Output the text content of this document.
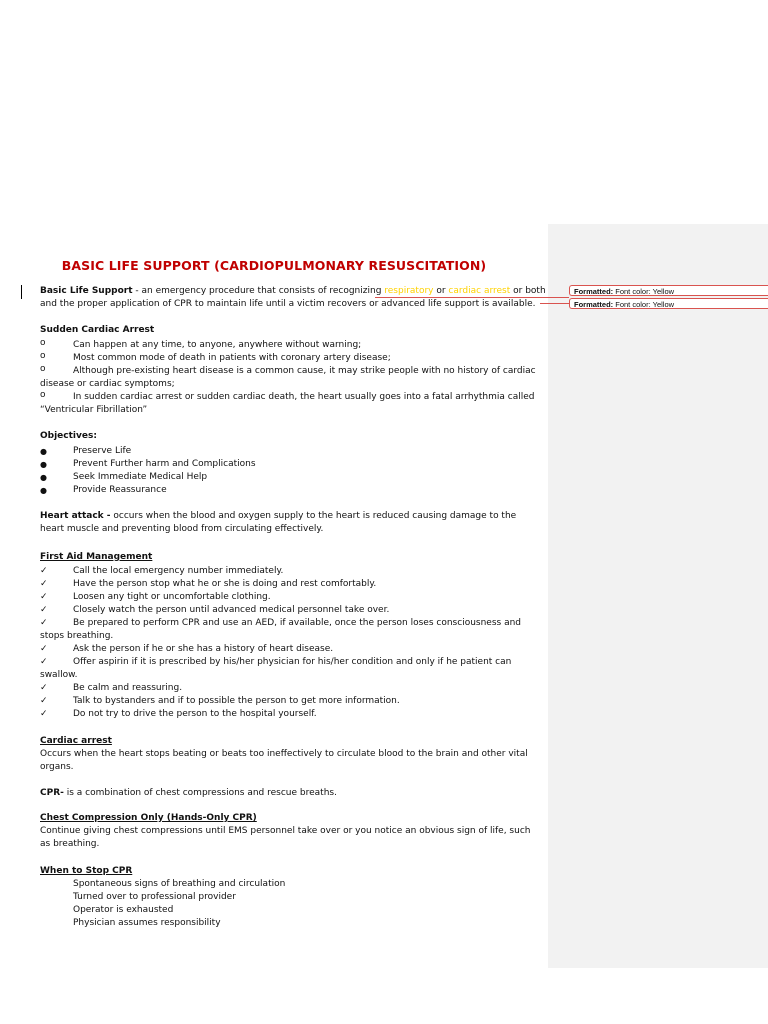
BASIC LIFE SUPPORT (CARDIOPULMONARY RESUSCITATION)
Basic Life Support - an emergency procedure that consists of recognizing respiratory or cardiac arrest or both
and the proper application of CPR to maintain life until a victim recovers or advanced life support is available.
Sudden Cardiac Arrest
o	Can happen at any time, to anyone, anywhere without warning;
o	Most common mode of death in patients with coronary artery disease;
o	Although pre-existing heart disease is a common cause, it may strike people with no history of cardiac
disease or cardiac symptoms;
o	In sudden cardiac arrest or sudden cardiac death, the heart usually goes into a fatal arrhythmia called
“Ventricular Fibrillation”
Objectives:
●	Preserve Life
●	Prevent Further harm and Complications
●	Seek Immediate Medical Help
●	Provide Reassurance
Heart attack - occurs when the blood and oxygen supply to the heart is reduced causing damage to the
heart muscle and preventing blood from circulating effectively.
First Aid Management
✓	Call the local emergency number immediately.
✓	Have the person stop what he or she is doing and rest comfortably.
✓	Loosen any tight or uncomfortable clothing.
✓	Closely watch the person until advanced medical personnel take over.
✓	Be prepared to perform CPR and use an AED, if available, once the person loses consciousness and
stops breathing.
✓	Ask the person if he or she has a history of heart disease.
✓	Offer aspirin if it is prescribed by his/her physician for his/her condition and only if he patient can
swallow.
✓	Be calm and reassuring.
✓	Talk to bystanders and if to possible the person to get more information.
✓	Do not try to drive the person to the hospital yourself.
Cardiac arrest
Occurs when the heart stops beating or beats too ineffectively to circulate blood to the brain and other vital
organs.
CPR- is a combination of chest compressions and rescue breaths.
Chest Compression Only (Hands-Only CPR)
Continue giving chest compressions until EMS personnel take over or you notice an obvious sign of life, such
as breathing.
When to Stop CPR
Spontaneous signs of breathing and circulation
Turned over to professional provider
Operator is exhausted
Physician assumes responsibility
Formatted: Font color: Yellow
Formatted: Font color: Yellow
